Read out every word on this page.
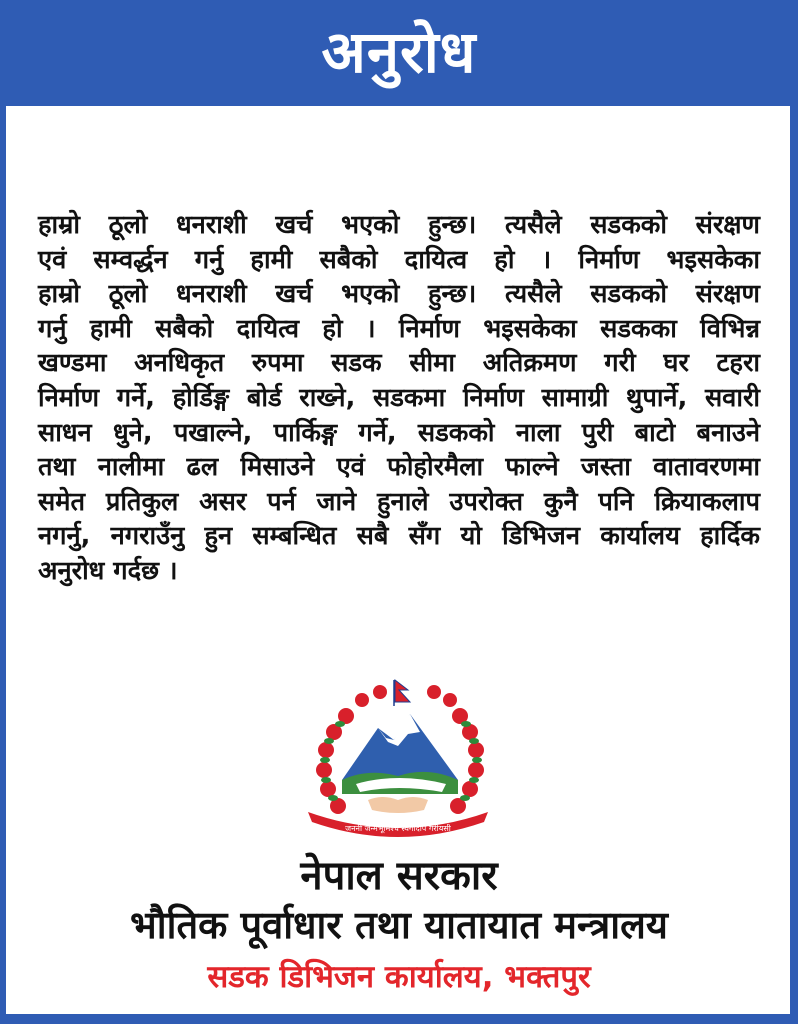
अनुरोध
हाम्रो ठूलो धनराशी खर्च भएको हुन्छ। त्यसैले सडकको संरक्षण
एवं सम्वर्द्धन गर्नु हामी सबैको दायित्व हो । निर्माण भइसकेका
हाम्रो ठूलो धनराशी खर्च भएको हुन्छ। त्यसैले सडकको संरक्षण
गर्नु हामी सबैको दायित्व हो । निर्माण भइसकेका सडकका विभिन्न
खण्डमा अनधिकृत रुपमा सडक सीमा अतिक्रमण गरी घर टहरा
निर्माण गर्ने, होर्डिङ्ग बोर्ड राख्ने, सडकमा निर्माण सामाग्री थुपार्ने, सवारी
साधन धुने, पखाल्ने, पार्किङ्ग गर्ने, सडकको नाला पुरी बाटो बनाउने
तथा नालीमा ढल मिसाउने एवं फोहोरमैला फाल्ने जस्ता वातावरणमा
समेत प्रतिकुल असर पर्न जाने हुनाले उपरोक्त कुनै पनि क्रियाकलाप
नगर्नु, नगराउँनु हुन सम्बन्धित सबै सँग यो डिभिजन कार्यालय हार्दिक
अनुरोध गर्दछ ।
जननी जन्मभूमिश्च स्वर्गादपि गरीयसी
नेपाल सरकार
भौतिक पूर्वाधार तथा यातायात मन्त्रालय
सडक डिभिजन कार्यालय, भक्तपुर
